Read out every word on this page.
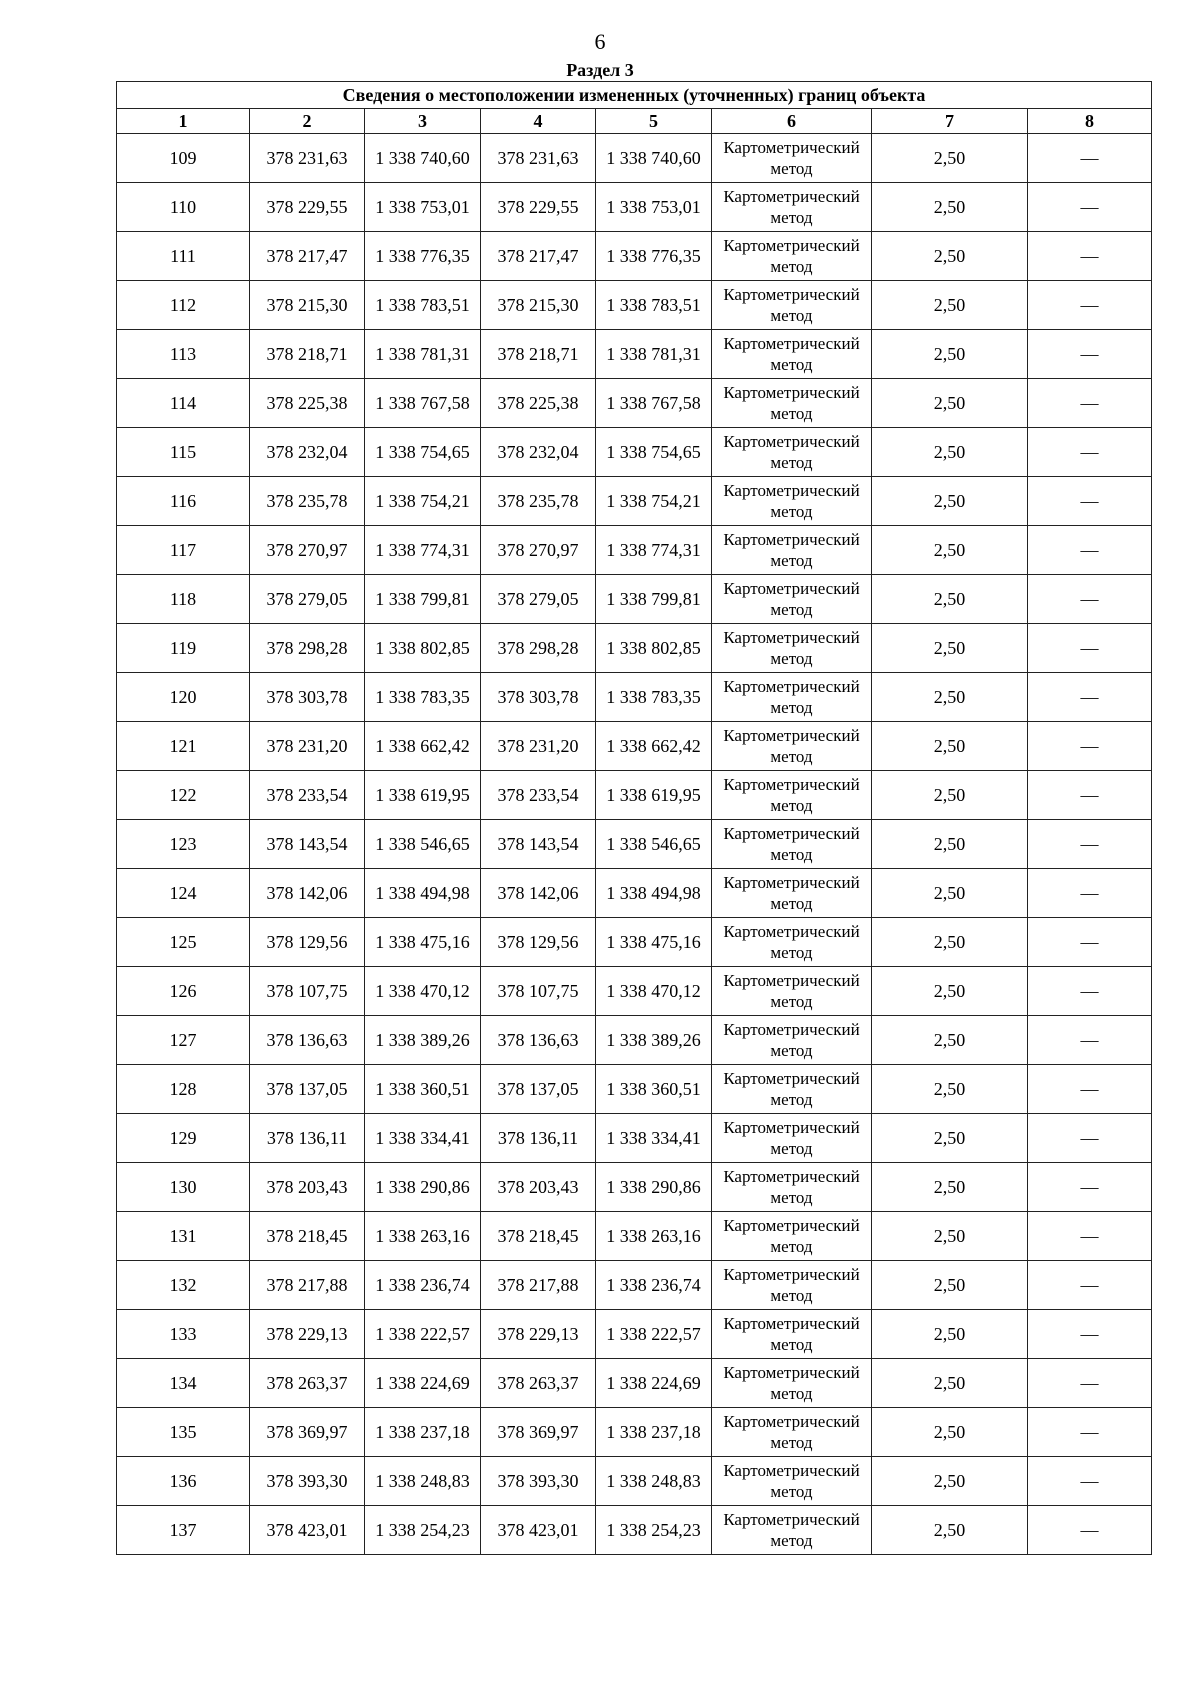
6
Раздел 3
Сведения о местоположении измененных (уточненных) границ объекта							
1	2	3	4	5	6	7	8
109	378 231,63	1 338 740,60	378 231,63	1 338 740,60	Картометрический метод	2,50	—
110	378 229,55	1 338 753,01	378 229,55	1 338 753,01	Картометрический метод	2,50	—
111	378 217,47	1 338 776,35	378 217,47	1 338 776,35	Картометрический метод	2,50	—
112	378 215,30	1 338 783,51	378 215,30	1 338 783,51	Картометрический метод	2,50	—
113	378 218,71	1 338 781,31	378 218,71	1 338 781,31	Картометрический метод	2,50	—
114	378 225,38	1 338 767,58	378 225,38	1 338 767,58	Картометрический метод	2,50	—
115	378 232,04	1 338 754,65	378 232,04	1 338 754,65	Картометрический метод	2,50	—
116	378 235,78	1 338 754,21	378 235,78	1 338 754,21	Картометрический метод	2,50	—
117	378 270,97	1 338 774,31	378 270,97	1 338 774,31	Картометрический метод	2,50	—
118	378 279,05	1 338 799,81	378 279,05	1 338 799,81	Картометрический метод	2,50	—
119	378 298,28	1 338 802,85	378 298,28	1 338 802,85	Картометрический метод	2,50	—
120	378 303,78	1 338 783,35	378 303,78	1 338 783,35	Картометрический метод	2,50	—
121	378 231,20	1 338 662,42	378 231,20	1 338 662,42	Картометрический метод	2,50	—
122	378 233,54	1 338 619,95	378 233,54	1 338 619,95	Картометрический метод	2,50	—
123	378 143,54	1 338 546,65	378 143,54	1 338 546,65	Картометрический метод	2,50	—
124	378 142,06	1 338 494,98	378 142,06	1 338 494,98	Картометрический метод	2,50	—
125	378 129,56	1 338 475,16	378 129,56	1 338 475,16	Картометрический метод	2,50	—
126	378 107,75	1 338 470,12	378 107,75	1 338 470,12	Картометрический метод	2,50	—
127	378 136,63	1 338 389,26	378 136,63	1 338 389,26	Картометрический метод	2,50	—
128	378 137,05	1 338 360,51	378 137,05	1 338 360,51	Картометрический метод	2,50	—
129	378 136,11	1 338 334,41	378 136,11	1 338 334,41	Картометрический метод	2,50	—
130	378 203,43	1 338 290,86	378 203,43	1 338 290,86	Картометрический метод	2,50	—
131	378 218,45	1 338 263,16	378 218,45	1 338 263,16	Картометрический метод	2,50	—
132	378 217,88	1 338 236,74	378 217,88	1 338 236,74	Картометрический метод	2,50	—
133	378 229,13	1 338 222,57	378 229,13	1 338 222,57	Картометрический метод	2,50	—
134	378 263,37	1 338 224,69	378 263,37	1 338 224,69	Картометрический метод	2,50	—
135	378 369,97	1 338 237,18	378 369,97	1 338 237,18	Картометрический метод	2,50	—
136	378 393,30	1 338 248,83	378 393,30	1 338 248,83	Картометрический метод	2,50	—
137	378 423,01	1 338 254,23	378 423,01	1 338 254,23	Картометрический метод	2,50	—
